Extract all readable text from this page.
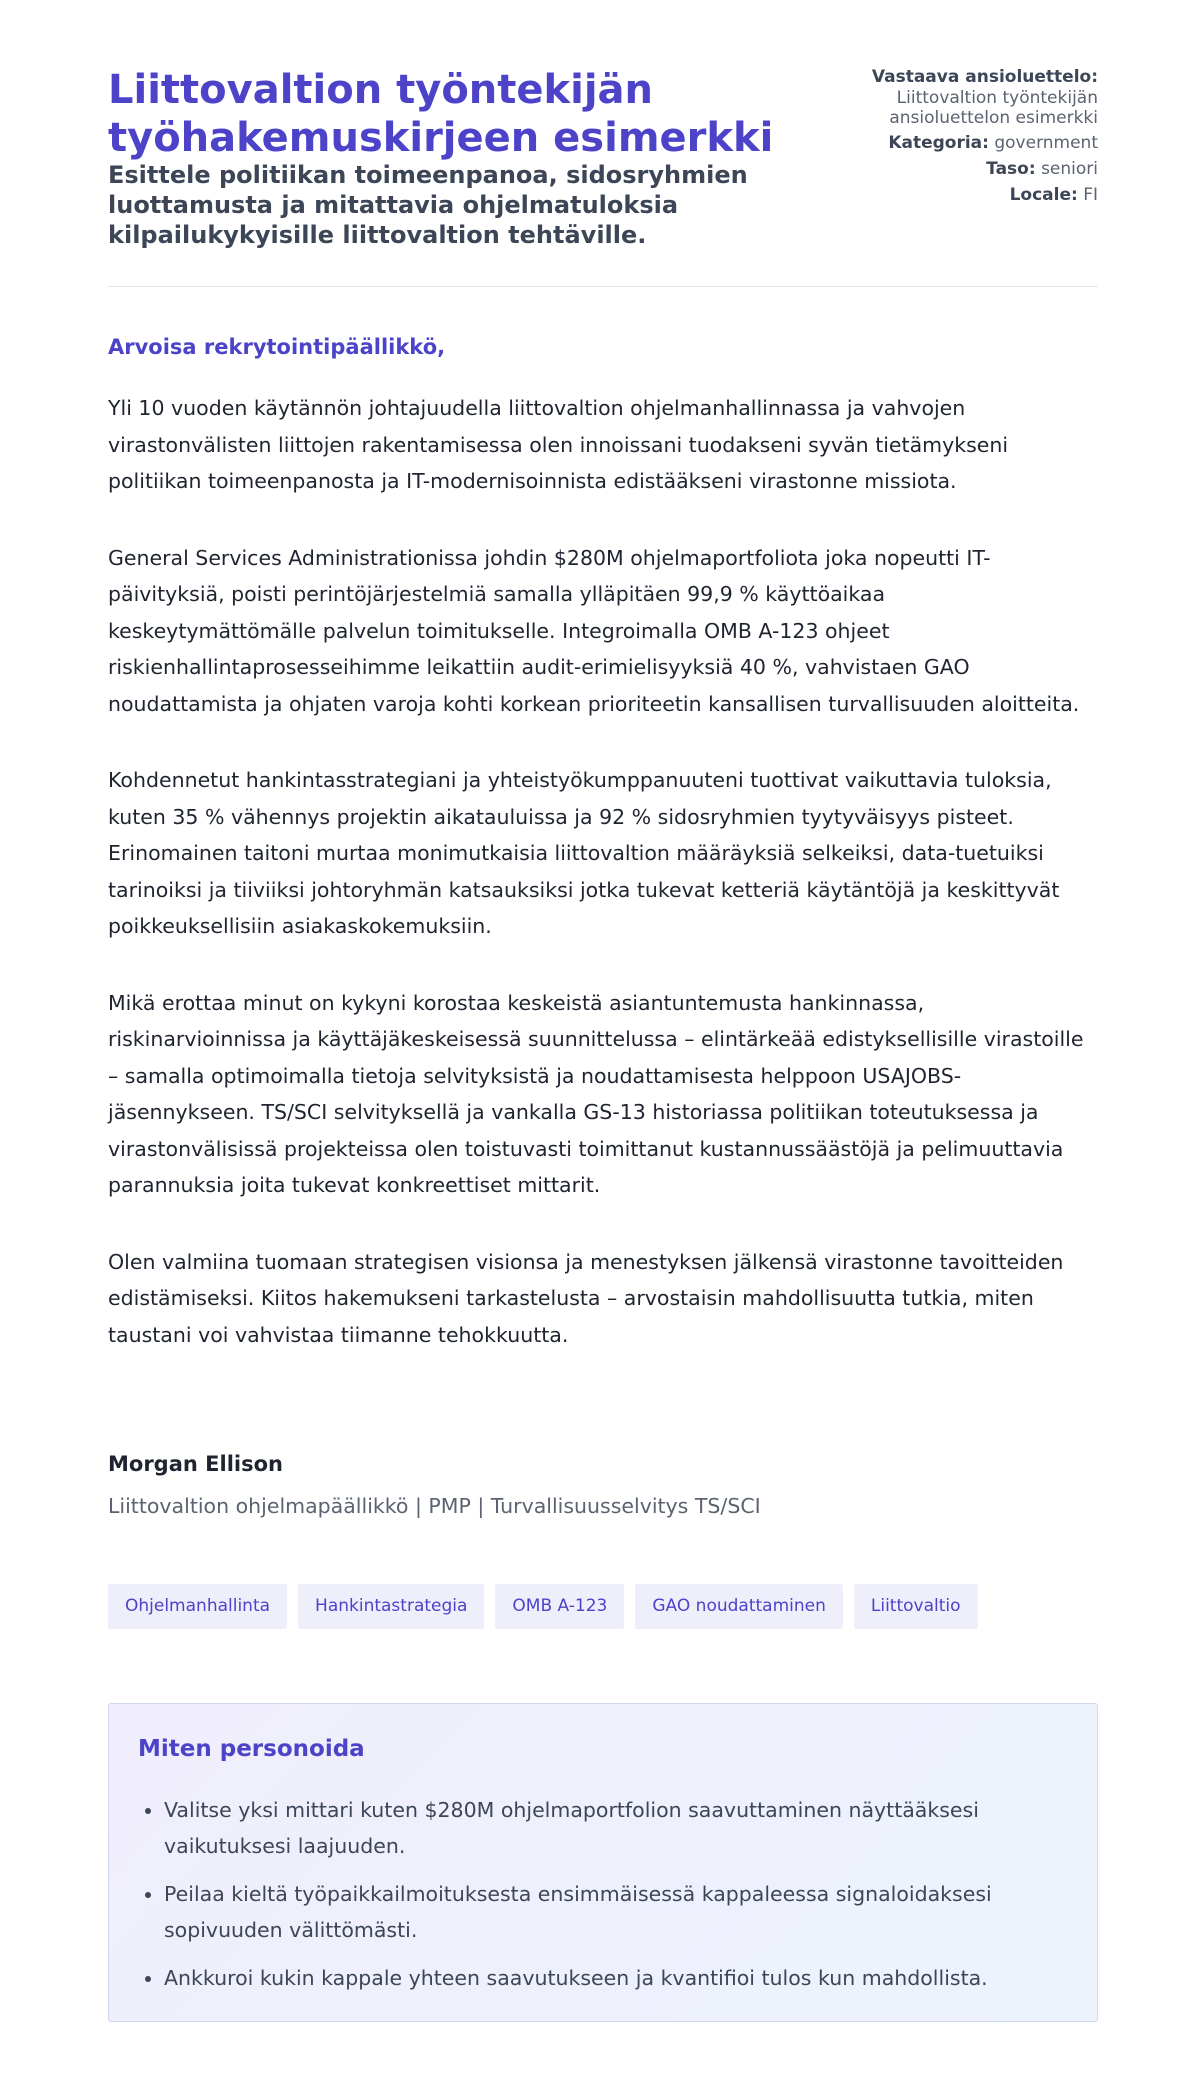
Liittovaltion työntekijän työhakemuskirjeen esimerkki
Esittele politiikan toimeenpanoa, sidosryhmien luottamusta ja mitattavia ohjelmatuloksia kilpailukykyisille liittovaltion tehtäville.
Vastaava ansioluettelo:
Liittovaltion työntekijän ansioluettelon esimerkki
Kategoria: government
Taso: seniori
Locale: FI

Arvoisa rekrytointipäällikkö,

Yli 10 vuoden käytännön johtajuudella liittovaltion ohjelmanhallinnassa ja vahvojen virastonvälisten liittojen rakentamisessa olen innoissani tuodakseni syvän tietämykseni politiikan toimeenpanosta ja IT-modernisoinnista edistääkseni virastonne missiota.

General Services Administrationissa johdin $280M ohjelmaportfoliota joka nopeutti IT-päivityksiä, poisti perintöjärjestelmiä samalla ylläpitäen 99,9 % käyttöaikaa keskeytymättömälle palvelun toimitukselle. Integroimalla OMB A-123 ohjeet riskienhallintaprosesseihimme leikattiin audit-erimielisyyksiä 40 %, vahvistaen GAO noudattamista ja ohjaten varoja kohti korkean prioriteetin kansallisen turvallisuuden aloitteita.

Kohdennetut hankintasstrategiani ja yhteistyökumppanuuteni tuottivat vaikuttavia tuloksia, kuten 35 % vähennys projektin aikatauluissa ja 92 % sidosryhmien tyytyväisyys pisteet. Erinomainen taitoni murtaa monimutkaisia liittovaltion määräyksiä selkeiksi, data-tuetuiksi tarinoiksi ja tiiviiksi johtoryhmän katsauksiksi jotka tukevat ketteriä käytäntöjä ja keskittyvät poikkeuksellisiin asiakaskokemuksiin.

Mikä erottaa minut on kykyni korostaa keskeistä asiantuntemusta hankinnassa, riskinarvioinnissa ja käyttäjäkeskeisessä suunnittelussa – elintärkeää edistyksellisille virastoille – samalla optimoimalla tietoja selvityksistä ja noudattamisesta helppoon USAJOBS-jäsennykseen. TS/SCI selvityksellä ja vankalla GS-13 historiassa politiikan toteutuksessa ja virastonvälisissä projekteissa olen toistuvasti toimittanut kustannussäästöjä ja pelimuuttavia parannuksia joita tukevat konkreettiset mittarit.

Olen valmiina tuomaan strategisen visionsa ja menestyksen jälkensä virastonne tavoitteiden edistämiseksi. Kiitos hakemukseni tarkastelusta – arvostaisin mahdollisuutta tutkia, miten taustani voi vahvistaa tiimanne tehokkuutta.

Morgan Ellison

Liittovaltion ohjelmapäällikkö | PMP | Turvallisuusselvitys TS/SCI

Ohjelmanhallinta	Hankintastrategia	OMB A-123	GAO noudattaminen	Liittovaltio
Miten personoida
• Valitse yksi mittari kuten $280M ohjelmaportfolion saavuttaminen näyttääksesi vaikutuksesi laajuuden.
• Peilaa kieltä työpaikkailmoituksesta ensimmäisessä kappaleessa signaloidaksesi sopivuuden välittömästi.
• Ankkuroi kukin kappale yhteen saavutukseen ja kvantifioi tulos kun mahdollista.
